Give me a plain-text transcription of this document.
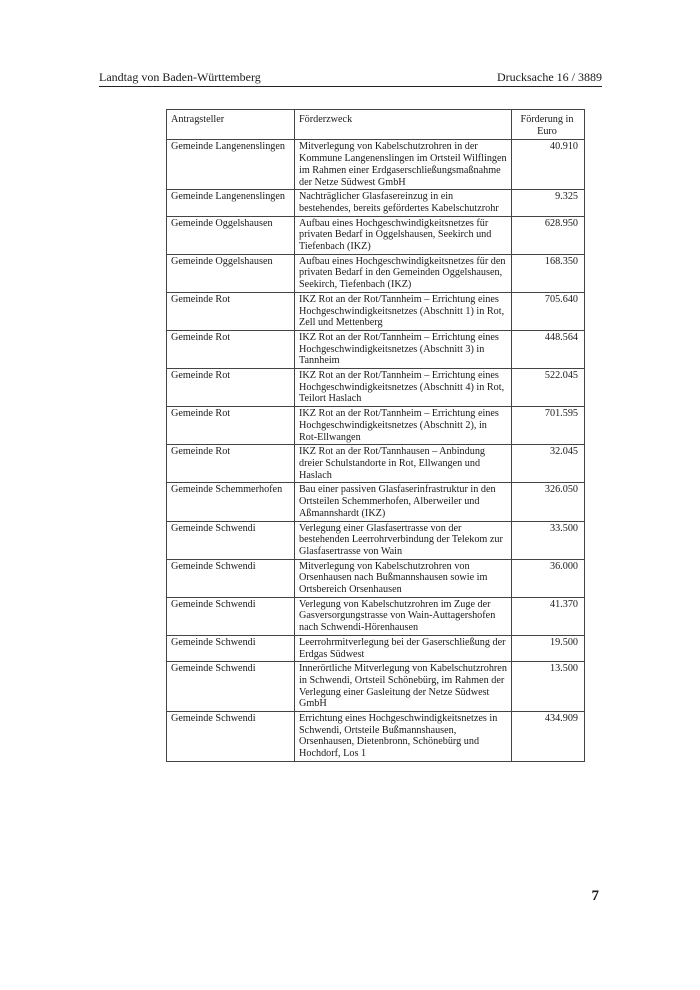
Landtag von Baden-Württemberg	Drucksache 16 / 3889
Antragsteller	Förderzweck	Förderung in Euro
Gemeinde Langenenslingen	Mitverlegung von Kabelschutzrohren in der Kommune Langenenslingen im Ortsteil Wilflingen im Rahmen einer Erdgaserschließungsmaßnahme der Netze Südwest GmbH	40.910
Gemeinde Langenenslingen	Nachträglicher Glasfasereinzug in ein bestehendes, bereits gefördertes Kabelschutzrohr	9.325
Gemeinde Oggelshausen	Aufbau eines Hochgeschwindigkeitsnetzes für privaten Bedarf in Oggelshausen, Seekirch und Tiefenbach (IKZ)	628.950
Gemeinde Oggelshausen	Aufbau eines Hochgeschwindigkeitsnetzes für den privaten Bedarf in den Gemeinden Oggelshausen, Seekirch, Tiefenbach (IKZ)	168.350
Gemeinde Rot	IKZ Rot an der Rot/Tannheim – Errichtung eines Hochgeschwindigkeitsnetzes (Abschnitt 1) in Rot, Zell und Mettenberg	705.640
Gemeinde Rot	IKZ Rot an der Rot/Tannheim – Errichtung eines Hochgeschwindigkeitsnetzes (Abschnitt 3) in Tannheim	448.564
Gemeinde Rot	IKZ Rot an der Rot/Tannheim – Errichtung eines Hochgeschwindigkeitsnetzes (Abschnitt 4) in Rot, Teilort Haslach	522.045
Gemeinde Rot	IKZ Rot an der Rot/Tannheim – Errichtung eines Hochgeschwindigkeitsnetzes (Abschnitt 2), in Rot-Ellwangen	701.595
Gemeinde Rot	IKZ Rot an der Rot/Tannhausen – Anbindung dreier Schulstandorte in Rot, Ellwangen und Haslach	32.045
Gemeinde Schemmerhofen	Bau einer passiven Glasfaserinfrastruktur in den Ortsteilen Schemmerhofen, Alberweiler und Aßmannshardt (IKZ)	326.050
Gemeinde Schwendi	Verlegung einer Glasfasertrasse von der bestehenden Leerrohrverbindung der Telekom zur Glasfasertrasse von Wain	33.500
Gemeinde Schwendi	Mitverlegung von Kabelschutzrohren von Orsenhausen nach Bußmannshausen sowie im Ortsbereich Orsenhausen	36.000
Gemeinde Schwendi	Verlegung von Kabelschutzrohren im Zuge der Gasversorgungstrasse von Wain-Auttagershofen nach Schwendi-Hörenhausen	41.370
Gemeinde Schwendi	Leerrohrmitverlegung bei der Gaserschließung der Erdgas Südwest	19.500
Gemeinde Schwendi	Innerörtliche Mitverlegung von Kabelschutzrohren in Schwendi, Ortsteil Schönebürg, im Rahmen der Verlegung einer Gasleitung der Netze Südwest GmbH	13.500
Gemeinde Schwendi	Errichtung eines Hochgeschwindigkeitsnetzes in Schwendi, Ortsteile Bußmannshausen, Orsenhausen, Dietenbronn, Schönebürg und Hochdorf, Los 1	434.909
7
